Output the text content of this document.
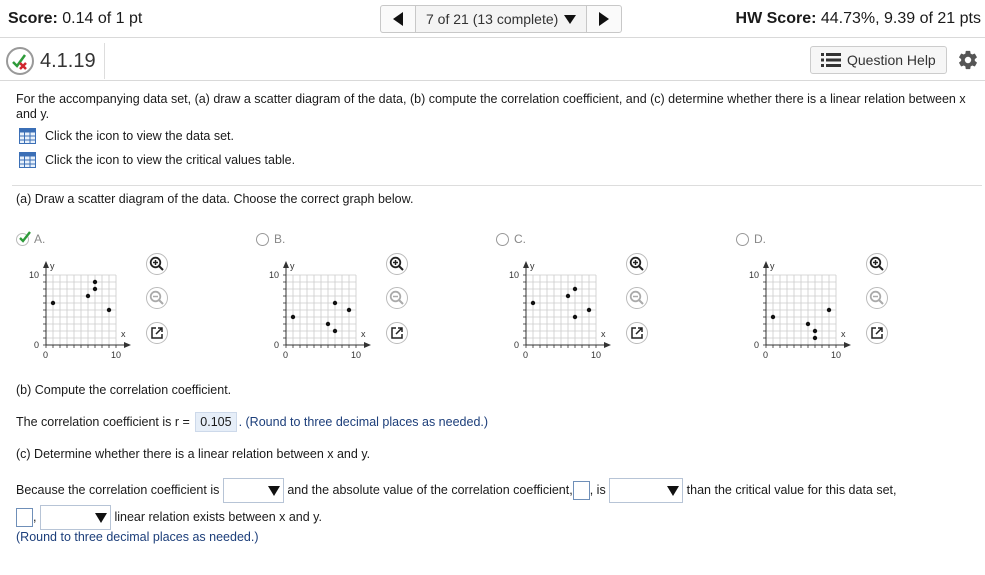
Score: 0.14 of 1 pt	7 of 21 (13 complete)	HW Score: 44.73%, 9.39 of 21 pts
4.1.19	Question Help
For the accompanying data set, (a) draw a scatter diagram of the data, (b) compute the correlation coefficient, and (c) determine whether there is a linear relation between x and y.
Click the icon to view the data set.
Click the icon to view the critical values table.
(a) Draw a scatter diagram of the data. Choose the correct graph below.
A.
y
x
10
0
0	10
B.
y
x
10
0
0	10
C.
y
x
10
0
0	10
D.
y
x
10
0
0	10
(b) Compute the correlation coefficient.
The correlation coefficient is r = 0.105 . (Round to three decimal places as needed.)
(c) Determine whether there is a linear relation between x and y.
Because the correlation coefficient is	and the absolute value of the correlation coefficient, , is	than the critical value for this data set,
,	linear relation exists between x and y.
(Round to three decimal places as needed.)
